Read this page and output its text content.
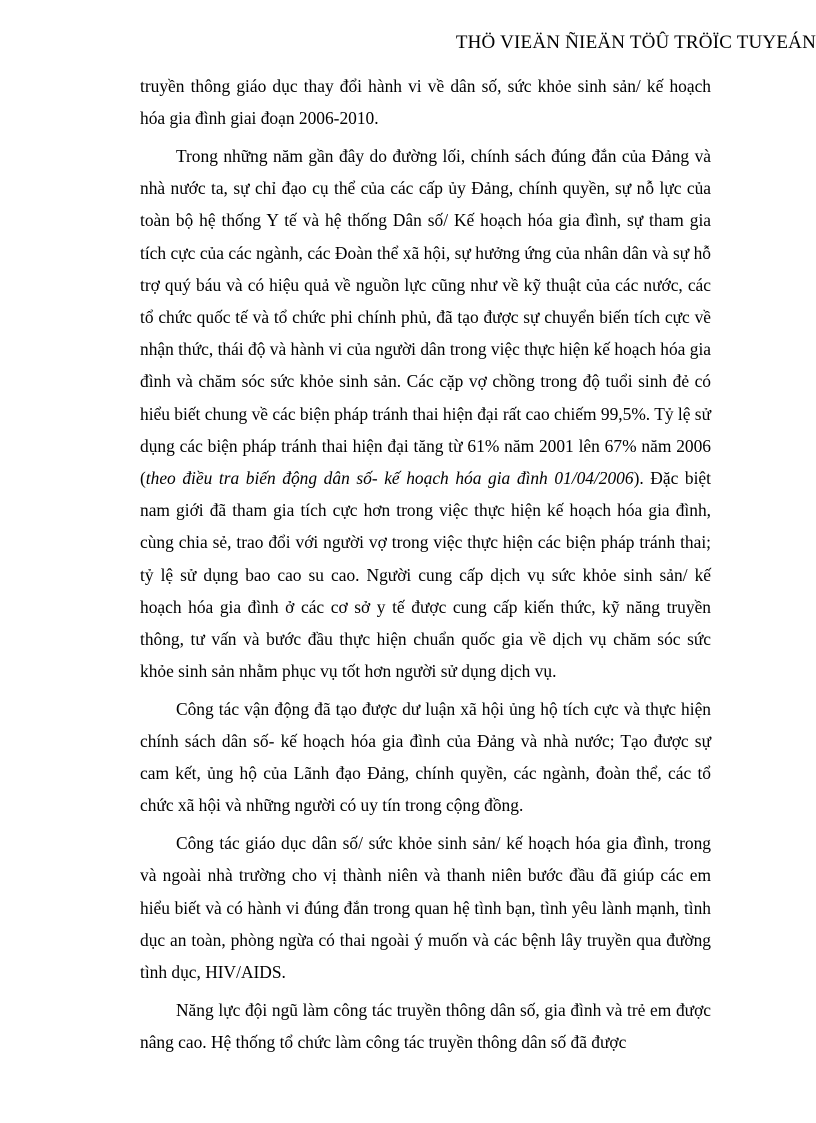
THÖ VIEÄN ÑIEÄN TÖÛ TRÖÏC TUYEÁN

truyền thông giáo dục thay đổi hành vi về dân số, sức khỏe sinh sản/ kế hoạch hóa gia đình giai đoạn 2006-2010.

Trong những năm gần đây do đường lối, chính sách đúng đắn của Đảng và nhà nước ta, sự chỉ đạo cụ thể của các cấp ủy Đảng, chính quyền, sự nỗ lực của toàn bộ hệ thống Y tế và hệ thống Dân số/ Kế hoạch hóa gia đình, sự tham gia tích cực của các ngành, các Đoàn thể xã hội, sự hưởng ứng của nhân dân và sự hỗ trợ quý báu và có hiệu quả về nguồn lực cũng như về kỹ thuật của các nước, các tổ chức quốc tế và tổ chức phi chính phủ, đã tạo được sự chuyển biến tích cực về nhận thức, thái độ và hành vi của người dân trong việc thực hiện kế hoạch hóa gia đình và chăm sóc sức khỏe sinh sản. Các cặp vợ chồng trong độ tuổi sinh đẻ có hiểu biết chung về các biện pháp tránh thai hiện đại rất cao chiếm 99,5%. Tỷ lệ sử dụng các biện pháp tránh thai hiện đại tăng từ 61% năm 2001 lên 67% năm 2006 (theo điều tra biến động dân số- kế hoạch hóa gia đình 01/04/2006). Đặc biệt nam giới đã tham gia tích cực hơn trong việc thực hiện kế hoạch hóa gia đình, cùng chia sẻ, trao đổi với người vợ trong việc thực hiện các biện pháp tránh thai; tỷ lệ sử dụng bao cao su cao. Người cung cấp dịch vụ sức khỏe sinh sản/ kế hoạch hóa gia đình ở các cơ sở y tế được cung cấp kiến thức, kỹ năng truyền thông, tư vấn và bước đầu thực hiện chuẩn quốc gia về dịch vụ chăm sóc sức khỏe sinh sản nhằm phục vụ tốt hơn người sử dụng dịch vụ.

Công tác vận động đã tạo được dư luận xã hội ủng hộ tích cực và thực hiện chính sách dân số- kế hoạch hóa gia đình của Đảng và nhà nước; Tạo được sự cam kết, ủng hộ của Lãnh đạo Đảng, chính quyền, các ngành, đoàn thể, các tổ chức xã hội và những người có uy tín trong cộng đồng.

Công tác giáo dục dân số/ sức khỏe sinh sản/ kế hoạch hóa gia đình, trong và ngoài nhà trường cho vị thành niên và thanh niên bước đầu đã giúp các em hiểu biết và có hành vi đúng đắn trong quan hệ tình bạn, tình yêu lành mạnh, tình dục an toàn, phòng ngừa có thai ngoài ý muốn và các bệnh lây truyền qua đường tình dục, HIV/AIDS.

Năng lực đội ngũ làm công tác truyền thông dân số, gia đình và trẻ em được nâng cao. Hệ thống tổ chức làm công tác truyền thông dân số đã được
